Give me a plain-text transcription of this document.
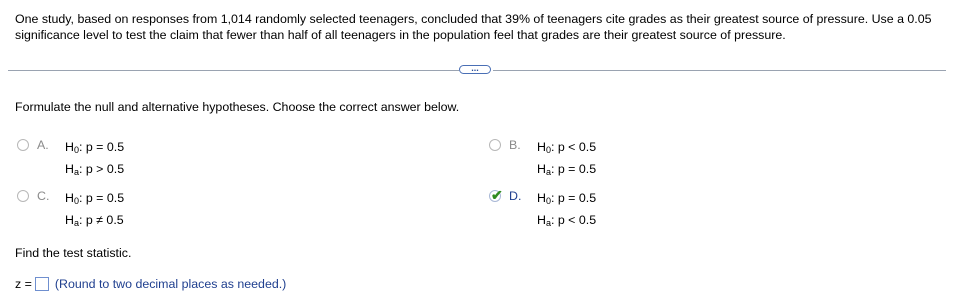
One study, based on responses from 1,014 randomly selected teenagers, concluded that 39% of teenagers cite grades as their greatest source of pressure. Use a 0.05 significance level to test the claim that fewer than half of all teenagers in the population feel that grades are their greatest source of pressure.
...
Formulate the null and alternative hypotheses. Choose the correct answer below.
A. $H_0$: p = 0.5
$H_a$: p > 0.5
B. $H_0$: p < 0.5
$H_a$: p = 0.5
C. $H_0$: p = 0.5
$H_a$: p ≠ 0.5
✔ D. $H_0$: p = 0.5
$H_a$: p < 0.5
Find the test statistic.
z = (Round to two decimal places as needed.)
